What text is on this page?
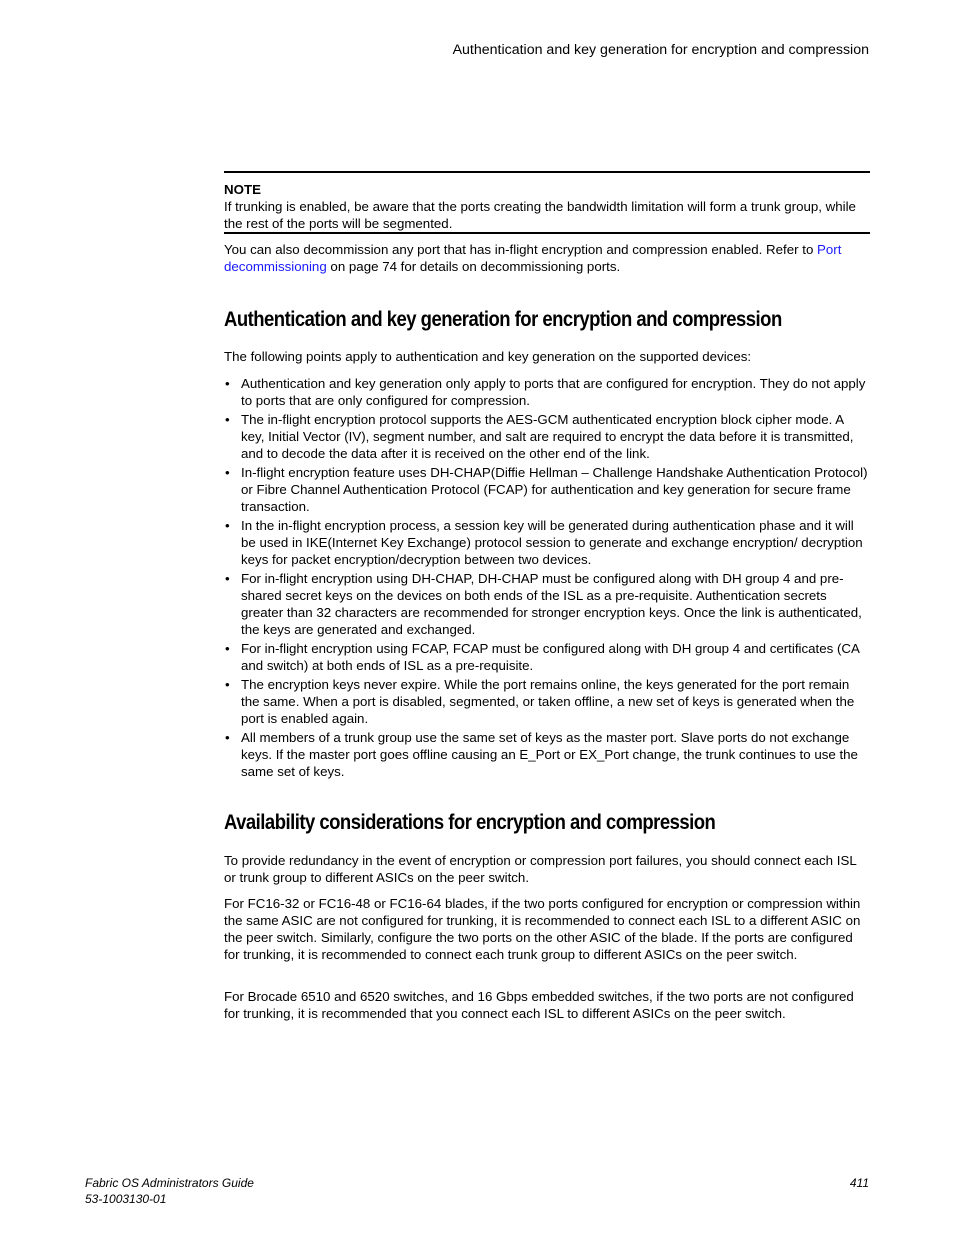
Authentication and key generation for encryption and compression
NOTE
If trunking is enabled, be aware that the ports creating the bandwidth limitation will form a trunk group, while the rest of the ports will be segmented.
You can also decommission any port that has in-flight encryption and compression enabled. Refer to Port decommissioning on page 74 for details on decommissioning ports.
Authentication and key generation for encryption and compression
The following points apply to authentication and key generation on the supported devices:
• Authentication and key generation only apply to ports that are configured for encryption. They do not apply to ports that are only configured for compression.
• The in-flight encryption protocol supports the AES-GCM authenticated encryption block cipher mode. A key, Initial Vector (IV), segment number, and salt are required to encrypt the data before it is transmitted, and to decode the data after it is received on the other end of the link.
• In-flight encryption feature uses DH-CHAP(Diffie Hellman – Challenge Handshake Authentication Protocol) or Fibre Channel Authentication Protocol (FCAP) for authentication and key generation for secure frame transaction.
• In the in-flight encryption process, a session key will be generated during authentication phase and it will be used in IKE(Internet Key Exchange) protocol session to generate and exchange encryption/ decryption keys for packet encryption/decryption between two devices.
• For in-flight encryption using DH-CHAP, DH-CHAP must be configured along with DH group 4 and pre-shared secret keys on the devices on both ends of the ISL as a pre-requisite. Authentication secrets greater than 32 characters are recommended for stronger encryption keys. Once the link is authenticated, the keys are generated and exchanged.
• For in-flight encryption using FCAP, FCAP must be configured along with DH group 4 and certificates (CA and switch) at both ends of ISL as a pre-requisite.
• The encryption keys never expire. While the port remains online, the keys generated for the port remain the same. When a port is disabled, segmented, or taken offline, a new set of keys is generated when the port is enabled again.
• All members of a trunk group use the same set of keys as the master port. Slave ports do not exchange keys. If the master port goes offline causing an E_Port or EX_Port change, the trunk continues to use the same set of keys.
Availability considerations for encryption and compression
To provide redundancy in the event of encryption or compression port failures, you should connect each ISL or trunk group to different ASICs on the peer switch.
For FC16-32 or FC16-48 or FC16-64 blades, if the two ports configured for encryption or compression within the same ASIC are not configured for trunking, it is recommended to connect each ISL to a different ASIC on the peer switch. Similarly, configure the two ports on the other ASIC of the blade. If the ports are configured for trunking, it is recommended to connect each trunk group to different ASICs on the peer switch.
For Brocade 6510 and 6520 switches, and 16 Gbps embedded switches, if the two ports are not configured for trunking, it is recommended that you connect each ISL to different ASICs on the peer switch.
Fabric OS Administrators Guide
53-1003130-01
411
